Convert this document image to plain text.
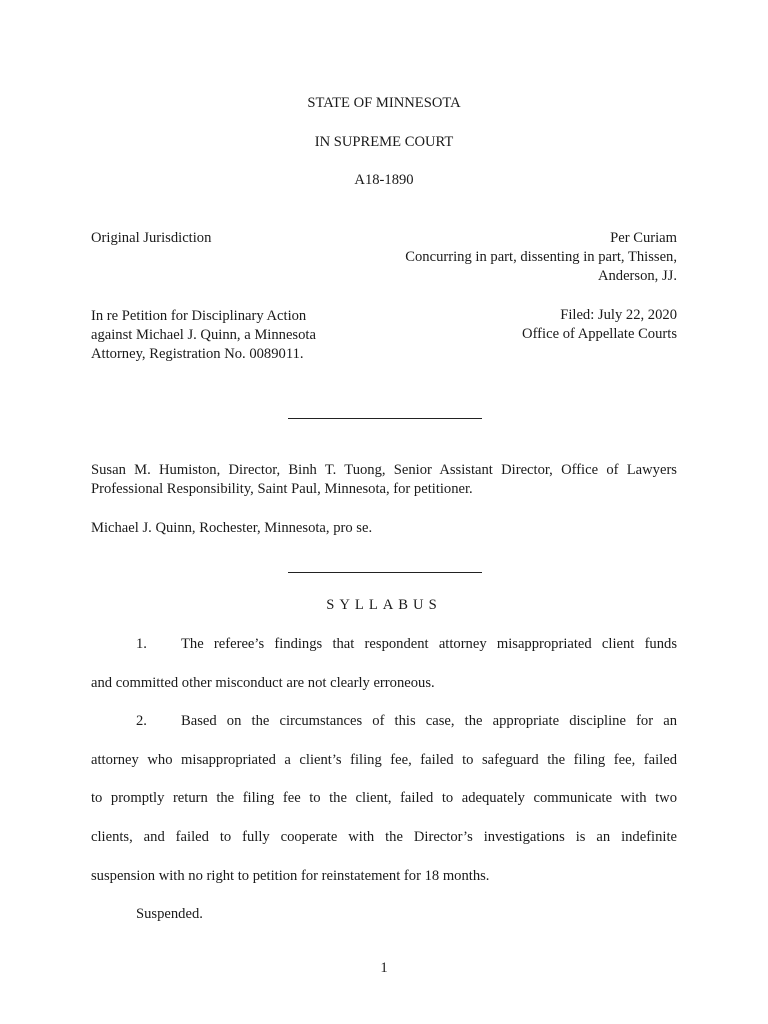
STATE OF MINNESOTA
IN SUPREME COURT
A18-1890
Original Jurisdiction	Per Curiam
Concurring in part, dissenting in part, Thissen,
Anderson, JJ.
In re Petition for Disciplinary Action
against Michael J. Quinn, a Minnesota
Attorney, Registration No. 0089011.
Filed: July 22, 2020
Office of Appellate Courts
Susan M. Humiston, Director, Binh T. Tuong, Senior Assistant Director, Office of Lawyers
Professional Responsibility, Saint Paul, Minnesota, for petitioner.
Michael J. Quinn, Rochester, Minnesota, pro se.
SYLLABUS
1. The referee’s findings that respondent attorney misappropriated client funds
and committed other misconduct are not clearly erroneous.
2. Based on the circumstances of this case, the appropriate discipline for an
attorney who misappropriated a client’s filing fee, failed to safeguard the filing fee, failed
to promptly return the filing fee to the client, failed to adequately communicate with two
clients, and failed to fully cooperate with the Director’s investigations is an indefinite
suspension with no right to petition for reinstatement for 18 months.
Suspended.
1
